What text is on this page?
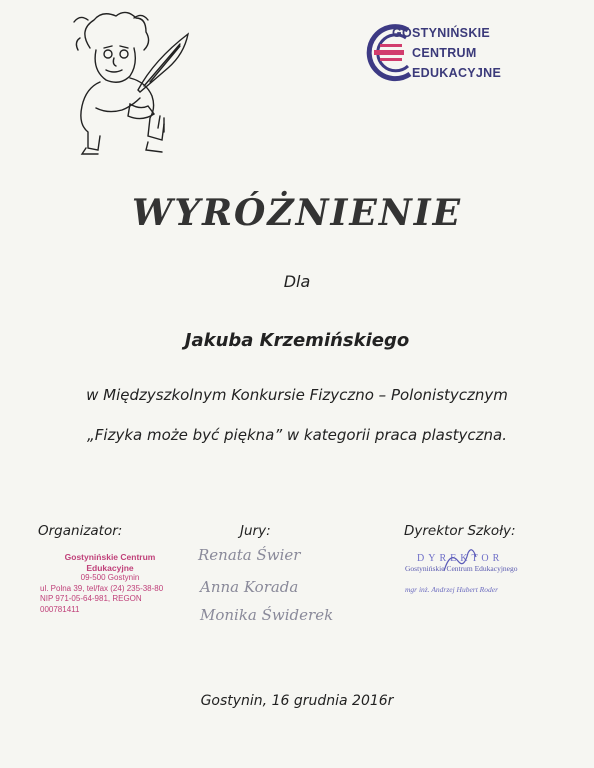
GOSTYNIŃSKIE
CENTRUM
EDUKACYJNE
WYRÓŻNIENIE
Dla
Jakuba Krzemińskiego
w Międzyszkolnym Konkursie Fizyczno – Polonistycznym
„Fizyka może być piękna” w kategorii praca plastyczna.
Organizator:
Gostynińskie Centrum Edukacyjne
09-500 Gostynin
ul. Polna 39, tel/fax (24) 235-38-80
NIP 971-05-64-981, REGON 000781411
Jury:
Renata Świer
Anna Korada
Monika Świderek
Dyrektor Szkoły:
DYREKTOR
Gostynińskie Centrum Edukacyjnego
mgr inż. Andrzej Hubert Roder
Gostynin, 16 grudnia 2016r
